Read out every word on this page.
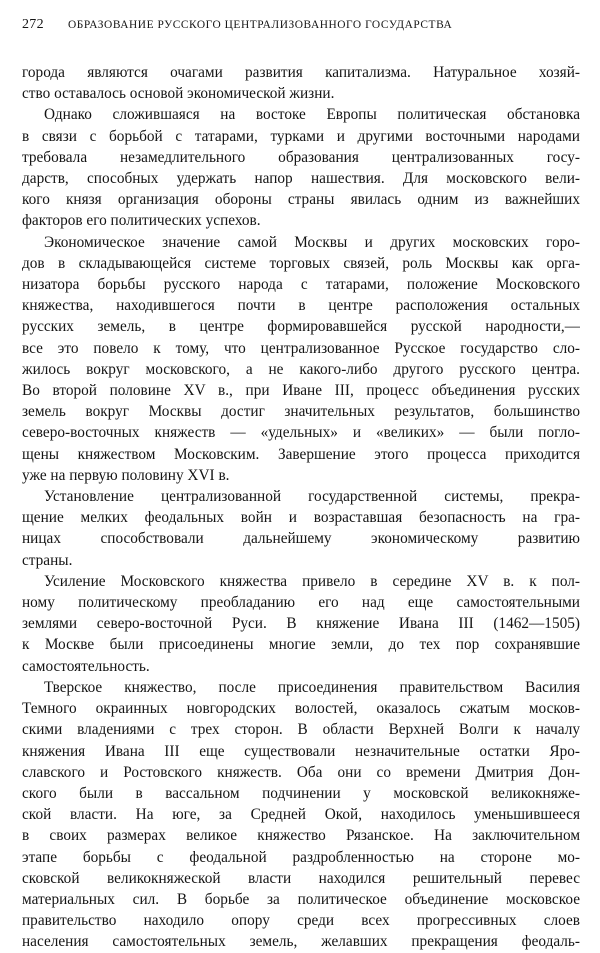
272	ОБРАЗОВАНИЕ РУССКОГО ЦЕНТРАЛИЗОВАННОГО ГОСУДАРСТВА
города являются очагами развития капитализма. Натуральное хозяй-
ство оставалось основой экономической жизни.
Однако сложившаяся на востоке Европы политическая обстановка
в связи с борьбой с татарами, турками и другими восточными народами
требовала незамедлительного образования централизованных госу-
дарств, способных удержать напор нашествия. Для московского вели-
кого князя организация обороны страны явилась одним из важнейших
факторов его политических успехов.
Экономическое значение самой Москвы и других московских горо-
дов в складывающейся системе торговых связей, роль Москвы как орга-
низатора борьбы русского народа с татарами, положение Московского
княжества, находившегося почти в центре расположения остальных
русских земель, в центре формировавшейся русской народности,—
все это повело к тому, что централизованное Русское государство сло-
жилось вокруг московского, а не какого-либо другого русского центра.
Во второй половине XV в., при Иване III, процесс объединения русских
земель вокруг Москвы достиг значительных результатов, большинство
северо-восточных княжеств — «удельных» и «великих» — были погло-
щены княжеством Московским. Завершение этого процесса приходится
уже на первую половину XVI в.
Установление централизованной государственной системы, прекра-
щение мелких феодальных войн и возраставшая безопасность на гра-
ницах способствовали дальнейшему экономическому развитию
страны.
Усиление Московского княжества привело в середине XV в. к пол-
ному политическому преобладанию его над еще самостоятельными
землями северо-восточной Руси. В княжение Ивана III (1462—1505)
к Москве были присоединены многие земли, до тех пор сохранявшие
самостоятельность.
Тверское княжество, после присоединения правительством Василия
Темного окраинных новгородских волостей, оказалось сжатым москов-
скими владениями с трех сторон. В области Верхней Волги к началу
княжения Ивана III еще существовали незначительные остатки Яро-
славского и Ростовского княжеств. Оба они со времени Дмитрия Дон-
ского были в вассальном подчинении у московской великокняже-
ской власти. На юге, за Средней Окой, находилось уменьшившееся
в своих размерах великое княжество Рязанское. На заключительном
этапе борьбы с феодальной раздробленностью на стороне мо-
сковской великокняжеской власти находился решительный перевес
материальных сил. В борьбе за политическое объединение московское
правительство находило опору среди всех прогрессивных слоев
населения самостоятельных земель, желавших прекращения феодаль-
